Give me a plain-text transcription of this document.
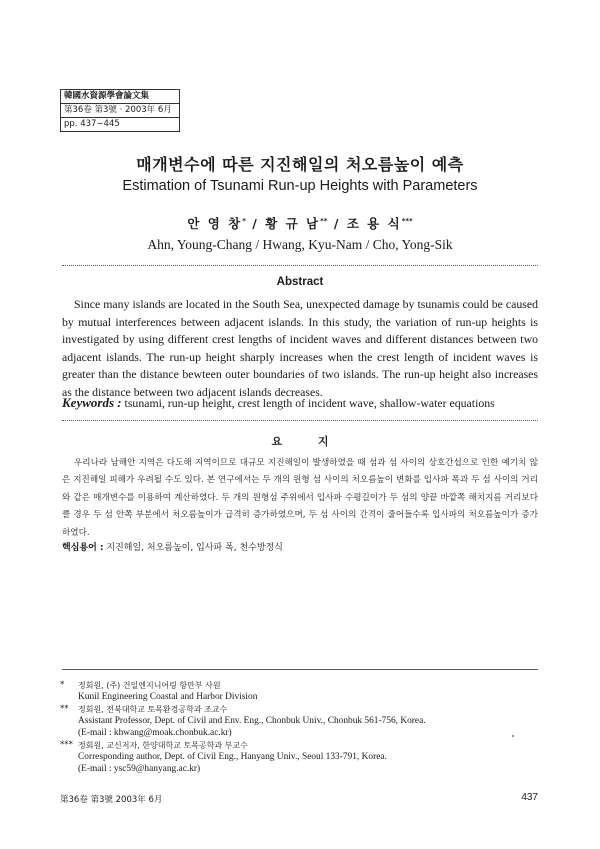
韓國水資源學會論文集
第36卷 第3號 · 2003年 6月
pp. 437∼445
매개변수에 따른 지진해일의 처오름높이 예측
Estimation of Tsunami Run-up Heights with Parameters
안 영 창* / 황 규 남** / 조 용 식***
Ahn, Young-Chang / Hwang, Kyu-Nam / Cho, Yong-Sik
Abstract

Since many islands are located in the South Sea, unexpected damage by tsunamis could be caused by mutual interferences between adjacent islands. In this study, the variation of run-up heights is investigated by using different crest lengths of incident waves and different distances between two adjacent islands. The run-up height sharply increases when the crest length of incident waves is greater than the distance bewteen outer boundaries of two islands. The run-up height also increases as the distance between two adjacent islands decreases.

Keywords : tsunami, run-up height, crest length of incident wave, shallow-water equations
요 지

우리나라 남해안 지역은 다도해 지역이므로 대규모 지진해일이 발생하였을 때 섬과 섬 사이의 상호간섭으로 인한 예기치 않은 지진해일 피해가 우려될 수도 있다. 본 연구에서는 두 개의 원형 섬 사이의 처오름높이 변화를 입사파 폭과 두 섬 사이의 거리와 같은 매개변수를 이용하여 계산하였다. 두 개의 원형섬 주위에서 입사파 수평길이가 두 섬의 양끝 바깥쪽 해치지름 거리보다 클 경우 두 섬 안쪽 부분에서 처오름높이가 급격히 증가하였으며, 두 섬 사이의 간격이 줄어들수록 입사파의 처오름높이가 증가하였다.

핵심용어 : 지진해일, 처오름높이, 입사파 폭, 천수방정식
* 정회원, (주) 건일엔지니어링 항만부 사원
Kunil Engineering Coastal and Harbor Division
** 정회원, 전북대학교 토목환경공학과 조교수
Assistant Professor, Dept. of Civil and Env. Eng., Chonbuk Univ., Chonbuk 561-756, Korea.
(E-mail : khwang@moak.chonbuk.ac.kr)
*** 정회원, 교신저자, 한양대학교 토목공학과 부교수
Corresponding author, Dept. of Civil Eng., Hanyang Univ., Seoul 133-791, Korea.
(E-mail : ysc59@hanyang.ac.kr)
第36卷 第3號 2003年 6月	437
